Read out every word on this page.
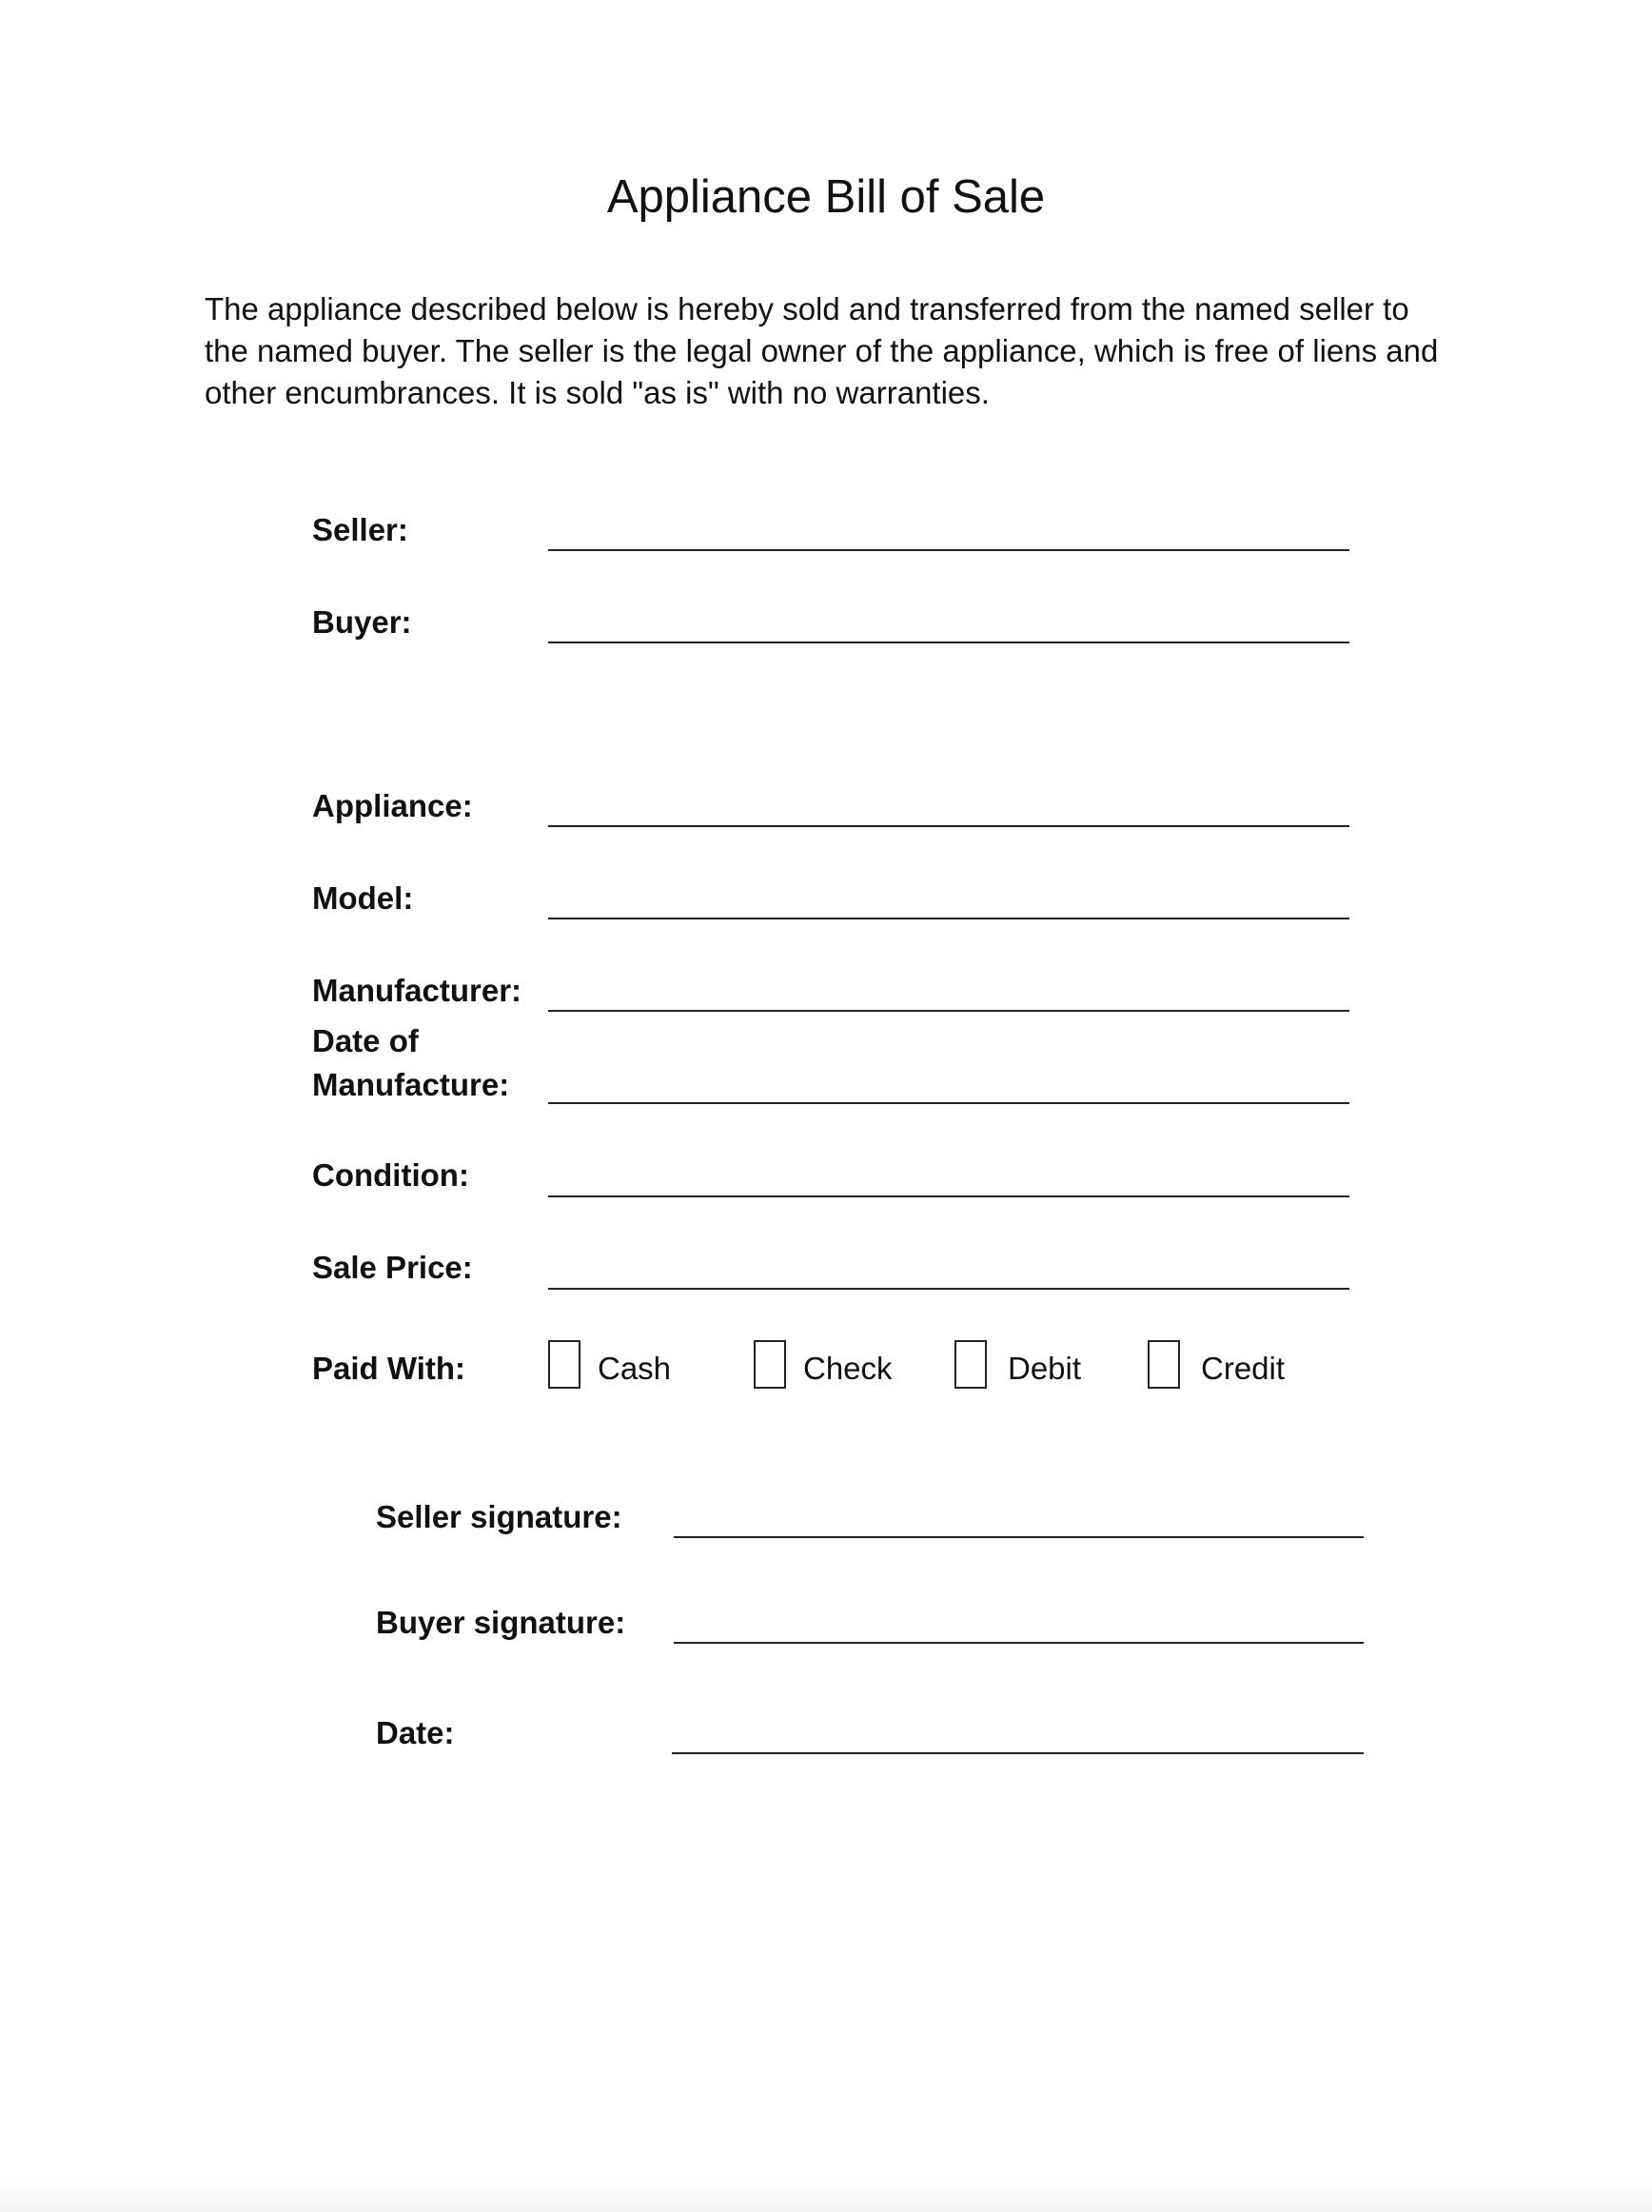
Appliance Bill of Sale

The appliance described below is hereby sold and transferred from the named seller to the named buyer. The seller is the legal owner of the appliance, which is free of liens and other encumbrances. It is sold "as is" with no warranties.

Seller:
Buyer:
Appliance:
Model:
Manufacturer:
Date of Manufacture:
Condition:
Sale Price:
Paid With:	Cash	Check	Debit	Credit
Seller signature:
Buyer signature:
Date:
